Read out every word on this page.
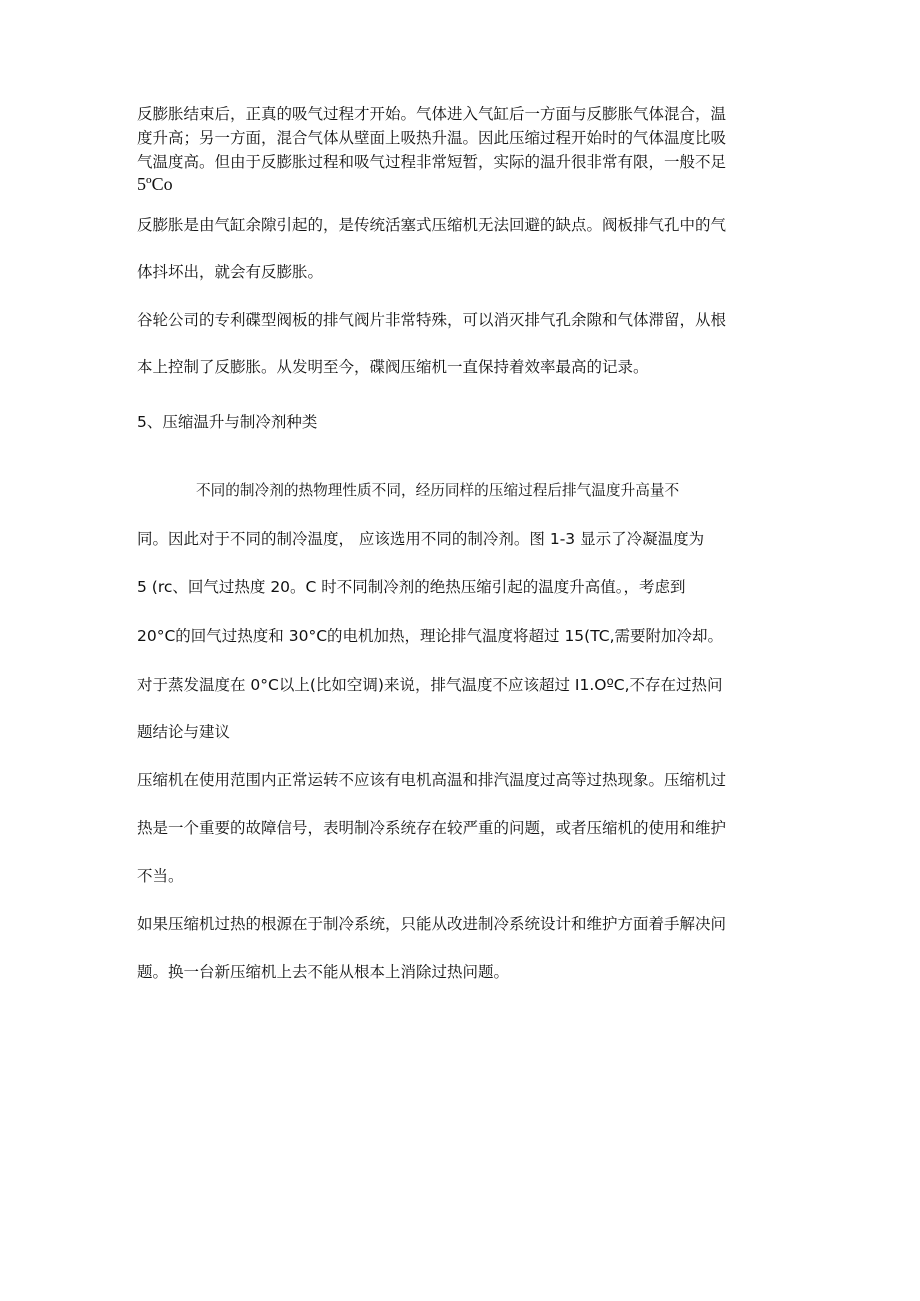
反膨胀结束后，正真的吸气过程才开始。气体进入气缸后一方面与反膨胀气体混合，温
度升高；另一方面，混合气体从壁面上吸热升温。因此压缩过程开始时的气体温度比吸
气温度高。但由于反膨胀过程和吸气过程非常短暂，实际的温升很非常有限，一般不足
5ºCo
反膨胀是由气缸余隙引起的，是传统活塞式压缩机无法回避的缺点。阀板排气孔中的气
体抖坏出，就会有反膨胀。
谷轮公司的专利碟型阀板的排气阀片非常特殊，可以消灭排气孔余隙和气体滞留，从根
本上控制了反膨胀。从发明至今，碟阀压缩机一直保持着效率最高的记录。
5、压缩温升与制冷剂种类
不同的制冷剂的热物理性质不同，经历同样的压缩过程后排气温度升高量不
同。因此对于不同的制冷温度， 应该选用不同的制冷剂。图 1-3 显示了冷凝温度为
5 (rc、回气过热度 20。C 时不同制冷剂的绝热压缩引起的温度升高值。，考虑到
20°C的回气过热度和 30°C的电机加热，理论排气温度将超过 15(TC,需要附加冷却。
对于蒸发温度在 0°C以上(比如空调)来说，排气温度不应该超过 I1.OºC,不存在过热问
题结论与建议
压缩机在使用范围内正常运转不应该有电机高温和排汽温度过高等过热现象。压缩机过
热是一个重要的故障信号，表明制冷系统存在较严重的问题，或者压缩机的使用和维护
不当。
如果压缩机过热的根源在于制冷系统，只能从改进制冷系统设计和维护方面着手解决问
题。换一台新压缩机上去不能从根本上消除过热问题。
